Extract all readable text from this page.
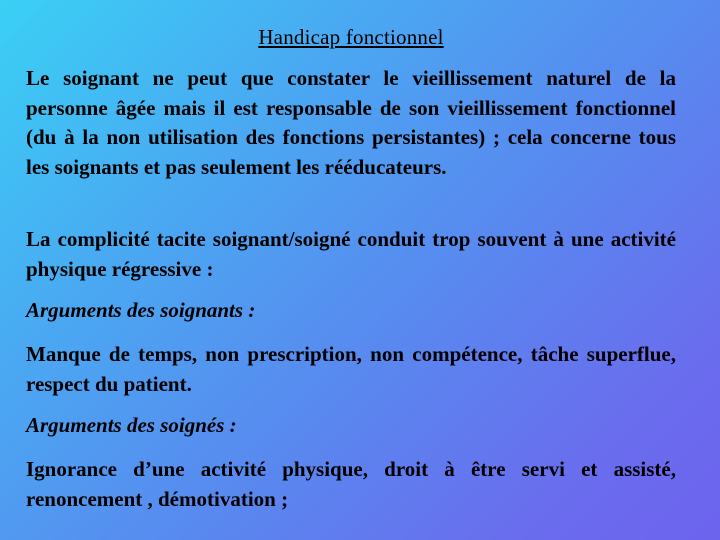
Handicap fonctionnel
Le soignant ne peut que constater le vieillissement naturel de la personne âgée mais il est responsable de son vieillissement fonctionnel (du à la non utilisation des fonctions persistantes) ; cela concerne tous les soignants et pas seulement les rééducateurs.
La complicité tacite soignant/soigné conduit trop souvent à une activité physique régressive :
Arguments des soignants :
Manque de temps, non prescription, non compétence, tâche superflue, respect du patient.
Arguments des soignés :
Ignorance d’une activité physique, droit à être servi et assisté, renoncement , démotivation ;
